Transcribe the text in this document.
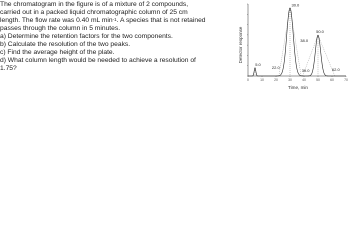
The chromatogram in the figure is of a mixture of 2 compounds,

carried out in a packed liquid chromatographic column of 25 cm

length. The flow rate was 0.40 mL $\min^{-1}$. A species that is not retained

passes through the column in 5 minutes.

a) Determine the retention factors for the two components.

b) Calculate the resolution of the two peaks.

c) Find the average height of the plate.

d) What column length would be needed to achieve a resolution of

1.75?

Detector response
0	10	20	30	40	50	60	70
5.0
30.0
22.0
38.0
50.0
39.0	62.0
Time, min
